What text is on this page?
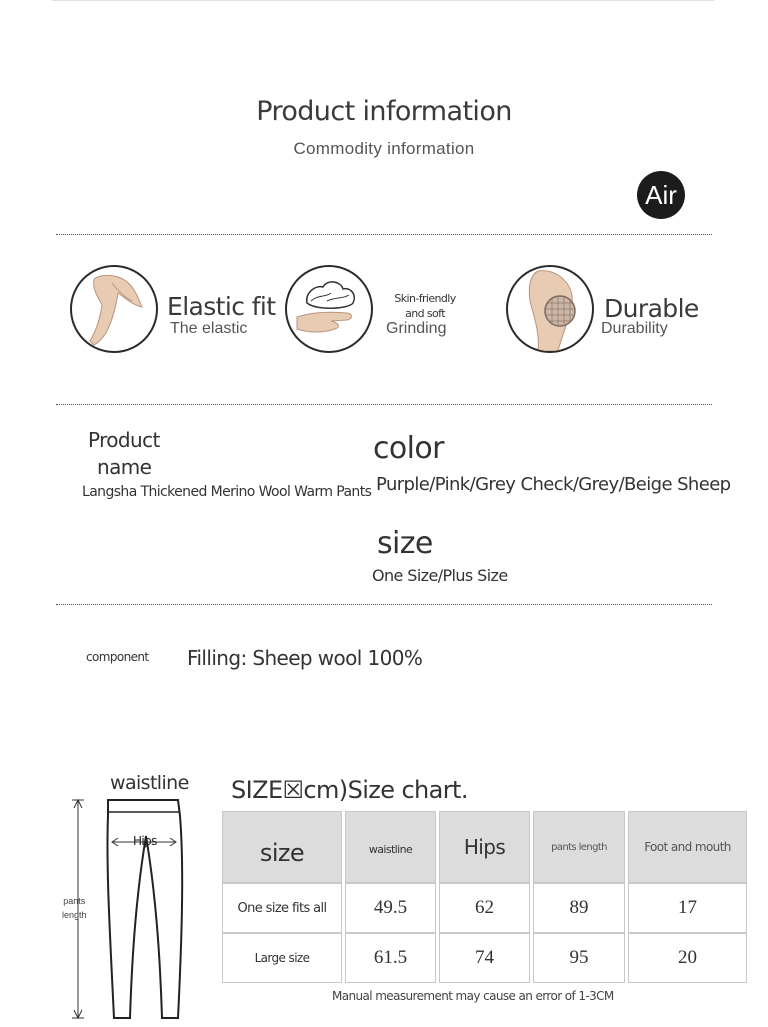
Product information
Commodity information
Air
Elastic fit
The elastic
Skin-friendly and soft
Grinding
Durable
Durability
Product
name
Langsha Thickened Merino Wool Warm Pants
color
Purple/Pink/Grey Check/Grey/Beige Sheep
size
One Size/Plus Size
component Filling: Sheep wool 100%
waistline
Hips
pants
length
SIZE☒cm)Size chart.
size	waistline	Hips	pants length	Foot and mouth
One size fits all	49.5	62	89	17
Large size	61.5	74	95	20
Manual measurement may cause an error of 1-3CM
